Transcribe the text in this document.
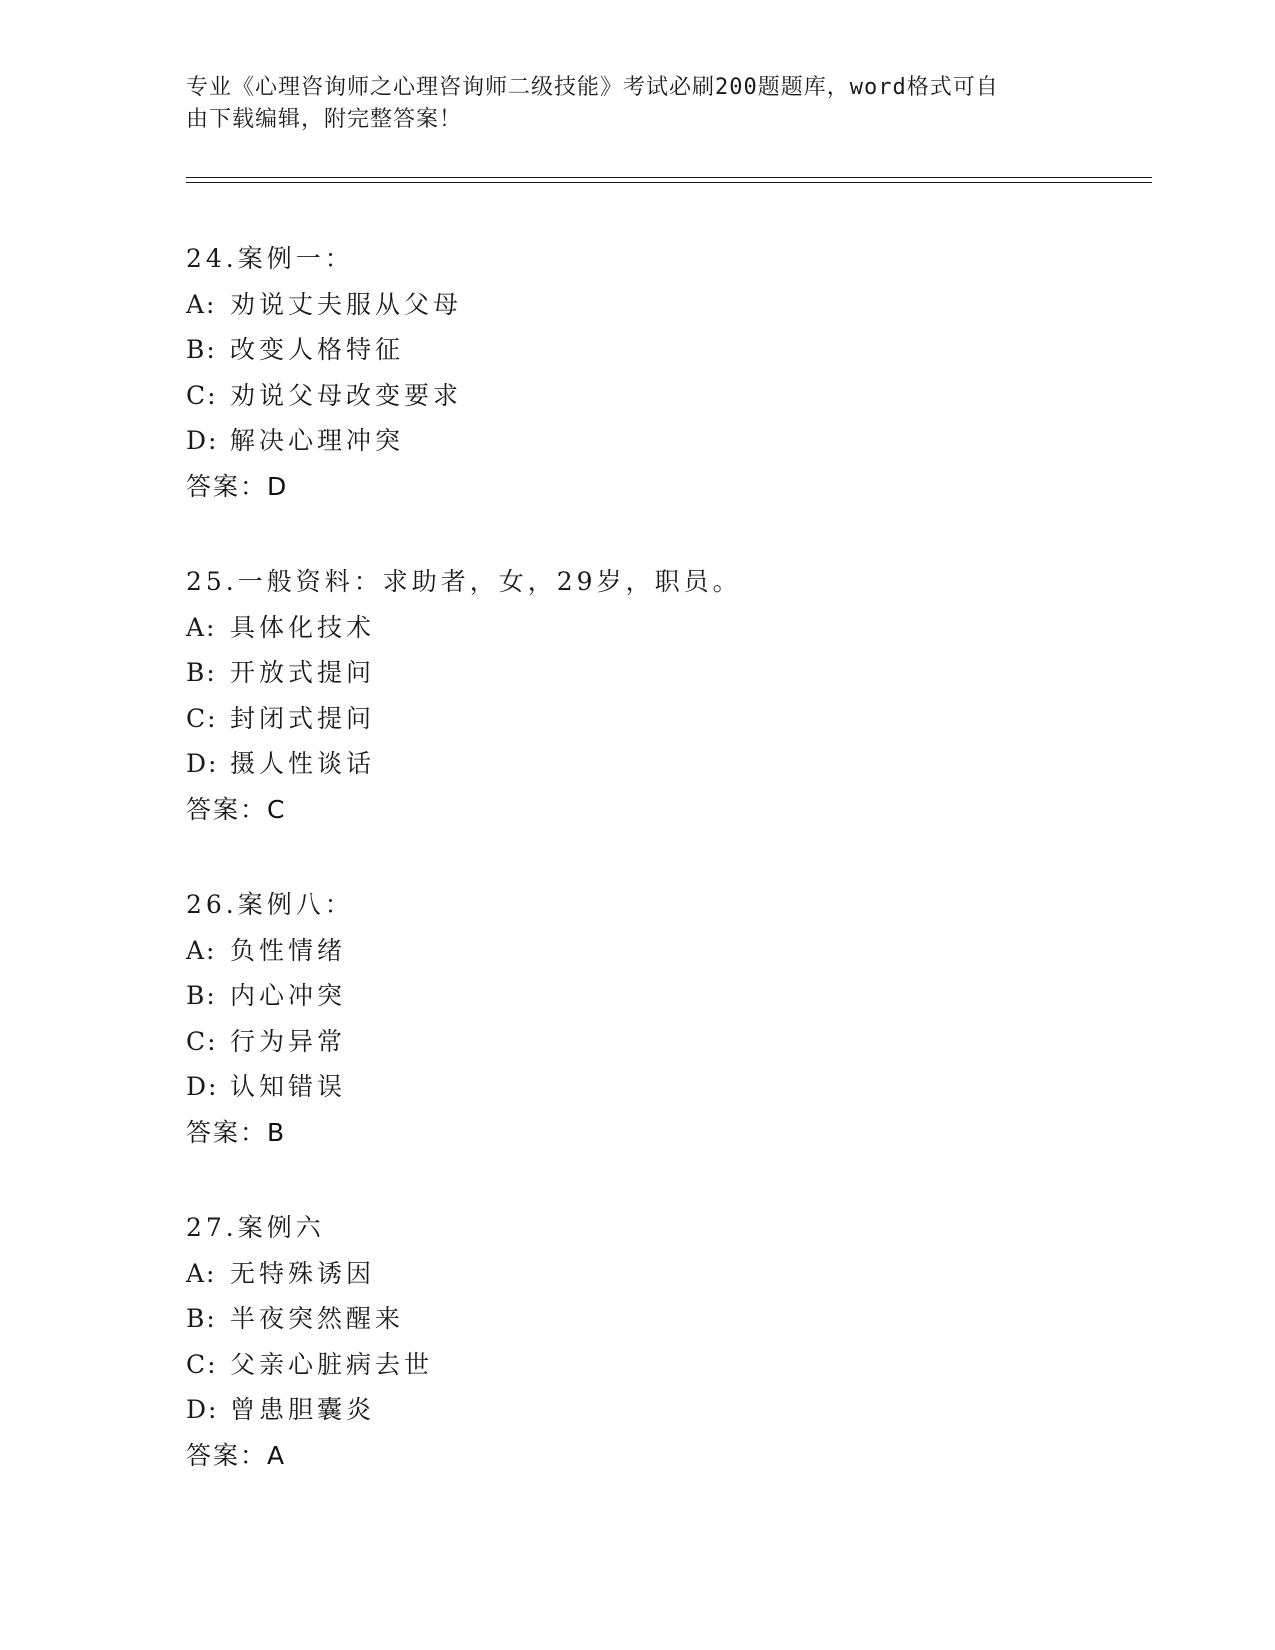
专业《心理咨询师之心理咨询师二级技能》考试必刷200题题库，word格式可自
由下载编辑，附完整答案！
24.案例一：
A: 劝说丈夫服从父母
B: 改变人格特征
C: 劝说父母改变要求
D: 解决心理冲突
答案：D
25.一般资料：求助者，女，29岁，职员。
A: 具体化技术
B: 开放式提问
C: 封闭式提问
D: 摄人性谈话
答案：C
26.案例八：
A: 负性情绪
B: 内心冲突
C: 行为异常
D: 认知错误
答案：B
27.案例六
A: 无特殊诱因
B: 半夜突然醒来
C: 父亲心脏病去世
D: 曾患胆囊炎
答案：A
